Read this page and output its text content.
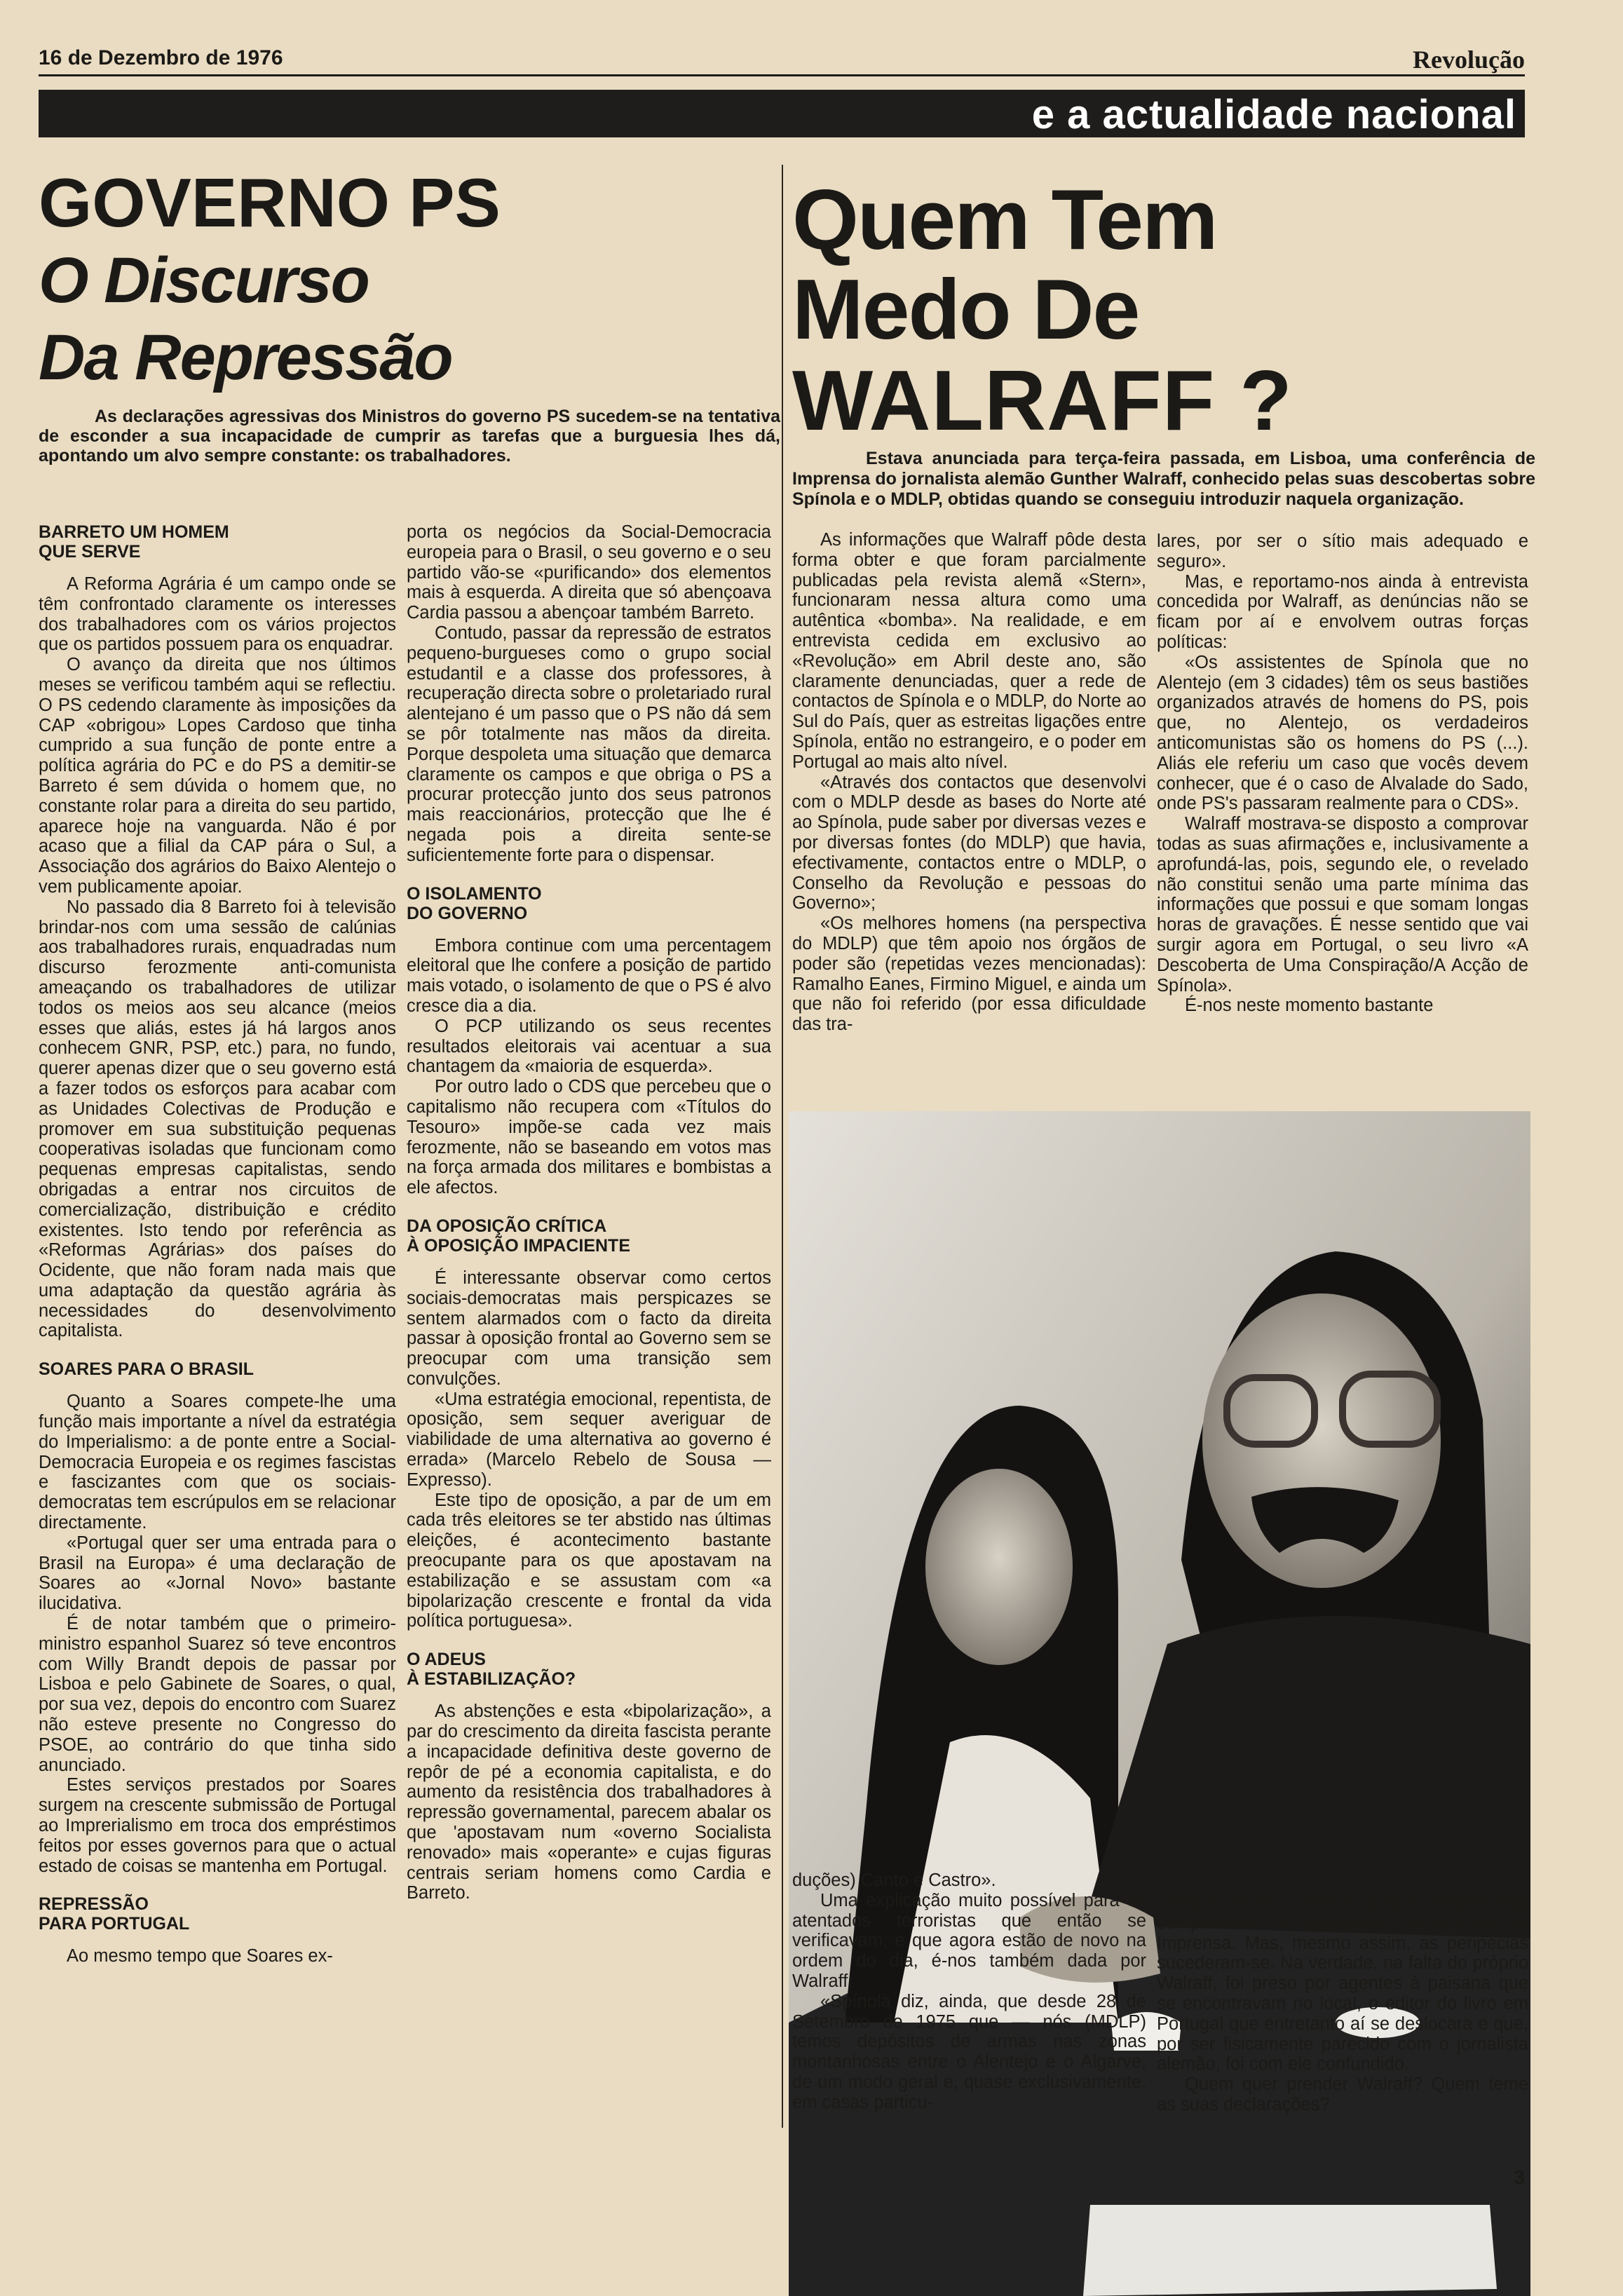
16 de Dezembro de 1976	Revolução
e a actualidade nacional
GOVERNO PS
O Discurso
Da Repressão
As declarações agressivas dos Ministros do governo PS sucedem-se na tentativa de esconder a sua incapacidade de cumprir as tarefas que a burguesia lhes dá, apontando um alvo sempre constante: os trabalhadores.
Quem Tem
Medo De
WALRAFF ?
Estava anunciada para terça-feira passada, em Lisboa, uma conferência de Imprensa do jornalista alemão Gunther Walraff, conhecido pelas suas descobertas sobre Spínola e o MDLP, obtidas quando se conseguiu introduzir naquela organização.
BARRETO UM HOMEM
QUE SERVE

A Reforma Agrária é um campo onde se têm confrontado claramente os interesses dos trabalhadores com os vários projectos que os partidos possuem para os enquadrar.

O avanço da direita que nos últimos meses se verificou também aqui se reflectiu. O PS cedendo claramente às imposições da CAP «obrigou» Lopes Cardoso que tinha cumprido a sua função de ponte entre a política agrária do PC e do PS a demitir-se Barreto é sem dúvida o homem que, no constante rolar para a direita do seu partido, aparece hoje na vanguarda. Não é por acaso que a filial da CAP pára o Sul, a Associação dos agrários do Baixo Alentejo o vem publicamente apoiar.

No passado dia 8 Barreto foi à televisão brindar-nos com uma sessão de calúnias aos trabalhadores rurais, enquadradas num discurso ferozmente anti-comunista ameaçando os trabalhadores de utilizar todos os meios aos seu alcance (meios esses que aliás, estes já há largos anos conhecem GNR, PSP, etc.) para, no fundo, querer apenas dizer que o seu governo está a fazer todos os esforços para acabar com as Unidades Colectivas de Produção e promover em sua substituição pequenas cooperativas isoladas que funcionam como pequenas empresas capitalistas, sendo obrigadas a entrar nos circuitos de comercialização, distribuição e crédito existentes. Isto tendo por referência as «Reformas Agrárias» dos países do Ocidente, que não foram nada mais que uma adaptação da questão agrária às necessidades do desenvolvimento capitalista.

SOARES PARA O BRASIL

Quanto a Soares compete-lhe uma função mais importante a nível da estratégia do Imperialismo: a de ponte entre a Social-Democracia Europeia e os regimes fascistas e fascizantes com que os sociais-democratas tem escrúpulos em se relacionar directamente.

«Portugal quer ser uma entrada para o Brasil na Europa» é uma declaração de Soares ao «Jornal Novo» bastante ilucidativa.

É de notar também que o primeiro-ministro espanhol Suarez só teve encontros com Willy Brandt depois de passar por Lisboa e pelo Gabinete de Soares, o qual, por sua vez, depois do encontro com Suarez não esteve presente no Congresso do PSOE, ao contrário do que tinha sido anunciado.

Estes serviços prestados por Soares surgem na crescente submissão de Portugal ao Imprerialismo em troca dos empréstimos feitos por esses governos para que o actual estado de coisas se mantenha em Portugal.

REPRESSÃO
PARA PORTUGAL

Ao mesmo tempo que Soares ex-

porta os negócios da Social-Democracia europeia para o Brasil, o seu governo e o seu partido vão-se «purificando» dos elementos mais à esquerda. A direita que só abençoava Cardia passou a abençoar também Barreto.

Contudo, passar da repressão de estratos pequeno-burgueses como o grupo social estudantil e a classe dos professores, à recuperação directa sobre o proletariado rural alentejano é um passo que o PS não dá sem se pôr totalmente nas mãos da direita. Porque despoleta uma situação que demarca claramente os campos e que obriga o PS a procurar protecção junto dos seus patronos mais reaccionários, protecção que lhe é negada pois a direita sente-se suficientemente forte para o dispensar.

O ISOLAMENTO
DO GOVERNO

Embora continue com uma percentagem eleitoral que lhe confere a posição de partido mais votado, o isolamento de que o PS é alvo cresce dia a dia.

O PCP utilizando os seus recentes resultados eleitorais vai acentuar a sua chantagem da «maioria de esquerda».

Por outro lado o CDS que percebeu que o capitalismo não recupera com «Títulos do Tesouro» impõe-se cada vez mais ferozmente, não se baseando em votos mas na força armada dos militares e bombistas a ele afectos.

DA OPOSIÇÃO CRÍTICA
À OPOSIÇÃO IMPACIENTE

É interessante observar como certos sociais-democratas mais perspicazes se sentem alarmados com o facto da direita passar à oposição frontal ao Governo sem se preocupar com uma transição sem convulções.

«Uma estratégia emocional, repentista, de oposição, sem sequer averiguar de viabilidade de uma alternativa ao governo é errada» (Marcelo Rebelo de Sousa — Expresso).

Este tipo de oposição, a par de um em cada três eleitores se ter abstido nas últimas eleições, é acontecimento bastante preocupante para os que apostavam na estabilização e se assustam com «a bipolarização crescente e frontal da vida política portuguesa».

O ADEUS
À ESTABILIZAÇÃO?

As abstenções e esta «bipolarização», a par do crescimento da direita fascista perante a incapacidade definitiva deste governo de repôr de pé a economia capitalista, e do aumento da resistência dos trabalhadores à repressão governamental, parecem abalar os que 'apostavam num «overno Socialista renovado» mais «operante» e cujas figuras centrais seriam homens como Cardia e Barreto.

As informações que Walraff pôde desta forma obter e que foram parcialmente publicadas pela revista alemã «Stern», funcionaram nessa altura como uma autêntica «bomba». Na realidade, e em entrevista cedida em exclusivo ao «Revolução» em Abril deste ano, são claramente denunciadas, quer a rede de contactos de Spínola e o MDLP, do Norte ao Sul do País, quer as estreitas ligações entre Spínola, então no estrangeiro, e o poder em Portugal ao mais alto nível.

«Através dos contactos que desenvolvi com o MDLP desde as bases do Norte até ao Spínola, pude saber por diversas vezes e por diversas fontes (do MDLP) que havia, efectivamente, contactos entre o MDLP, o Conselho da Revolução e pessoas do Governo»;

«Os melhores homens (na perspectiva do MDLP) que têm apoio nos órgãos de poder são (repetidas vezes mencionadas): Ramalho Eanes, Firmino Miguel, e ainda um que não foi referido (por essa dificuldade das tra-

lares, por ser o sítio mais adequado e seguro».

Mas, e reportamo-nos ainda à entrevista concedida por Walraff, as denúncias não se ficam por aí e envolvem outras forças políticas:

«Os assistentes de Spínola que no Alentejo (em 3 cidades) têm os seus bastiões organizados através de homens do PS, pois que, no Alentejo, os verdadeiros anticomunistas são os homens do PS (...). Aliás ele referiu um caso que vocês devem conhecer, que é o caso de Alvalade do Sado, onde PS's passaram realmente para o CDS».

Walraff mostrava-se disposto a comprovar todas as suas afirmações e, inclusivamente a aprofundá-las, pois, segundo ele, o revelado não constitui senão uma parte mínima das informações que possui e que somam longas horas de gravações. É nesse sentido que vai surgir agora em Portugal, o seu livro «A Descoberta de Uma Conspiração/A Acção de Spínola».

É-nos neste momento bastante

duções) Canto e Castro».

Uma explicação muito possível para os atentados terroristas que então se verificavam, e que agora estão de novo na ordem do dia, é-nos também dada por Walraff:

«Spínola diz, ainda, que desde 28 de Setembro de 1975 que — nós (MDLP) temos depósitos de armas nas zonas montanhosas entre o Alentejo e o Algarve, de um modo geral e, quase exclusivamente, em casas particu-

compreensível o motivo porque Walraff não compareceu na anunciada conferência de Imprensa. Mas, mesmo assim, as peripécias sucederam-se. Na verdade, na falta do próprio Walraff, foi preso por agentes à paisana que se encontravam no local, o editor do livro em Portugal que entretanto aí se deslocara e que, por ser fisicamente parecido com o jornalista alemão, foi com ele confundido.

Quem quer prender Walraff? Quem teme as suas declarações?

3
